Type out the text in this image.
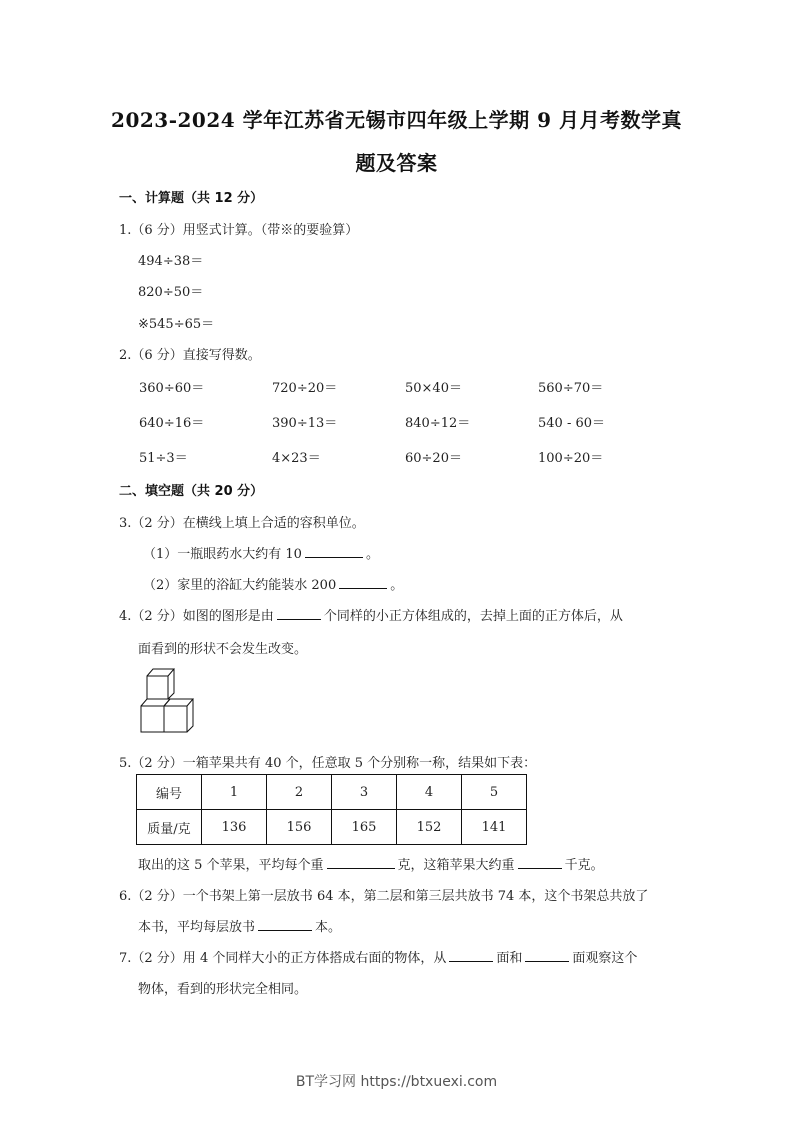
2023-2024 学年江苏省无锡市四年级上学期 9 月月考数学真
题及答案
一、计算题（共 12 分）
1.（6 分）用竖式计算。（带※的要验算）
494÷38＝
820÷50＝
※545÷65＝
2.（6 分）直接写得数。
360÷60＝	720÷20＝	50×40＝	560÷70＝
640÷16＝	390÷13＝	840÷12＝	540 - 60＝
51÷3＝	4×23＝	60÷20＝	100÷20＝
二、填空题（共 20 分）
3.（2 分）在横线上填上合适的容积单位。
（1）一瓶眼药水大约有 10	。
（2）家里的浴缸大约能装水 200	。
4.（2 分）如图的图形是由	个同样的小正方体组成的，去掉上面的正方体后，从
面看到的形状不会发生改变。
5.（2 分）一箱苹果共有 40 个，任意取 5 个分别称一称，结果如下表：
编号	1	2	3	4	5
质量/克	136	156	165	152	141
取出的这 5 个苹果，平均每个重	克，这箱苹果大约重	千克。
6.（2 分）一个书架上第一层放书 64 本，第二层和第三层共放书 74 本，这个书架总共放了
本书，平均每层放书	本。
7.（2 分）用 4 个同样大小的正方体搭成右面的物体，从	面和	面观察这个
物体，看到的形状完全相同。
BT学习网 https://btxuexi.com
